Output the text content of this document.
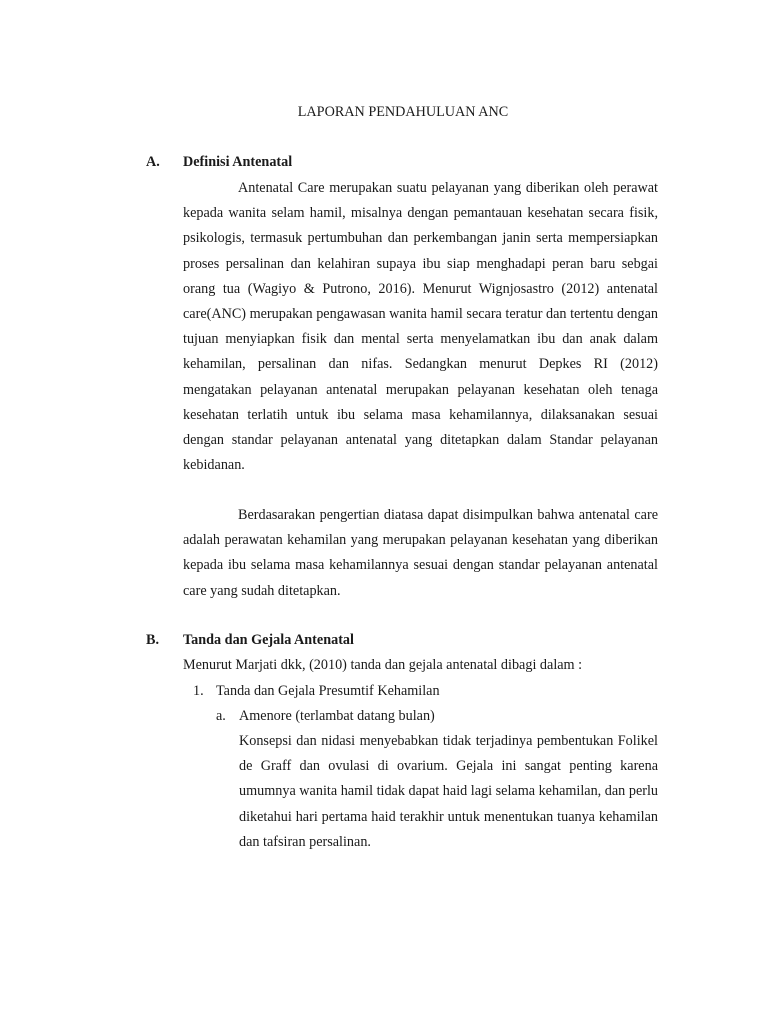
LAPORAN PENDAHULUAN ANC
A. Definisi Antenatal

Antenatal Care merupakan suatu pelayanan yang diberikan oleh perawat kepada wanita selam hamil, misalnya dengan pemantauan kesehatan secara fisik, psikologis, termasuk pertumbuhan dan perkembangan janin serta mempersiapkan proses persalinan dan kelahiran supaya ibu siap menghadapi peran baru sebgai orang tua (Wagiyo & Putrono, 2016). Menurut Wignjosastro (2012) antenatal care(ANC) merupakan pengawasan wanita hamil secara teratur dan tertentu dengan tujuan menyiapkan fisik dan mental serta menyelamatkan ibu dan anak dalam kehamilan, persalinan dan nifas. Sedangkan menurut Depkes RI (2012) mengatakan pelayanan antenatal merupakan pelayanan kesehatan oleh tenaga kesehatan terlatih untuk ibu selama masa kehamilannya, dilaksanakan sesuai dengan standar pelayanan antenatal yang ditetapkan dalam Standar pelayanan kebidanan.

Berdasarakan pengertian diatasa dapat disimpulkan bahwa antenatal care adalah perawatan kehamilan yang merupakan pelayanan kesehatan yang diberikan kepada ibu selama masa kehamilannya sesuai dengan standar pelayanan antenatal care yang sudah ditetapkan.

B. Tanda dan Gejala Antenatal
Menurut Marjati dkk, (2010) tanda dan gejala antenatal dibagi dalam :
1. Tanda dan Gejala Presumtif Kehamilan
a. Amenore (terlambat datang bulan)

Konsepsi dan nidasi menyebabkan tidak terjadinya pembentukan Folikel de Graff dan ovulasi di ovarium. Gejala ini sangat penting karena umumnya wanita hamil tidak dapat haid lagi selama kehamilan, dan perlu diketahui hari pertama haid terakhir untuk menentukan tuanya kehamilan dan tafsiran persalinan.
